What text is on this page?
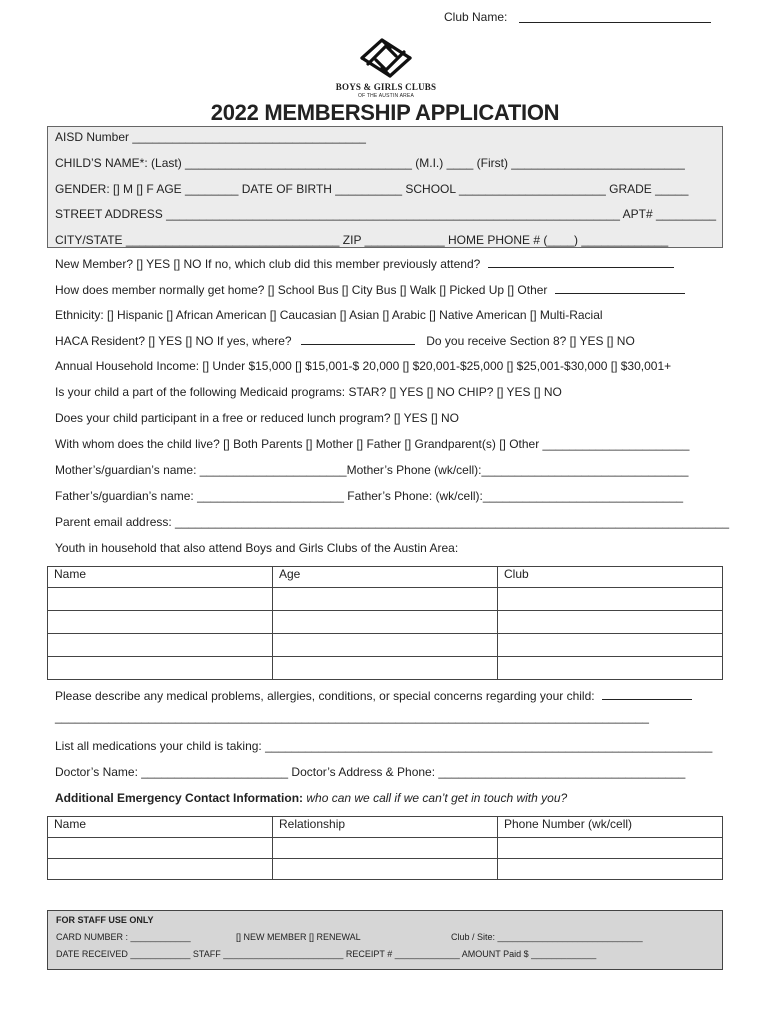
Club Name:
BOYS & GIRLS CLUBS
OF THE AUSTIN AREA
2022 MEMBERSHIP APPLICATION
AISD Number ___________________________________
CHILD’S NAME*: (Last) __________________________________ (M.I.) ____ (First) __________________________
GENDER: [] M [] F AGE ________ DATE OF BIRTH __________ SCHOOL ______________________ GRADE _____
STREET ADDRESS ____________________________________________________________________ APT# _________
CITY/STATE ________________________________ ZIP ____________ HOME PHONE # (____) _____________
New Member? [] YES [] NO If no, which club did this member previously attend?
How does member normally get home? [] School Bus [] City Bus [] Walk [] Picked Up [] Other
Ethnicity: [] Hispanic [] African American [] Caucasian [] Asian [] Arabic [] Native American [] Multi-Racial
HACA Resident? [] YES [] NO If yes, where?	Do you receive Section 8? [] YES [] NO
Annual Household Income: [] Under $15,000 [] $15,001-$ 20,000 [] $20,001-$25,000 [] $25,001-$30,000 [] $30,001+
Is your child a part of the following Medicaid programs: STAR? [] YES [] NO CHIP? [] YES [] NO
Does your child participant in a free or reduced lunch program? [] YES [] NO
With whom does the child live? [] Both Parents [] Mother [] Father [] Grandparent(s) [] Other ______________________
Mother’s/guardian’s name: ______________________Mother’s Phone (wk/cell):_______________________________
Father’s/guardian’s name: ______________________ Father’s Phone: (wk/cell):______________________________
Parent email address: ___________________________________________________________________________________
Youth in household that also attend Boys and Girls Clubs of the Austin Area:
Name	Age	Club

Please describe any medical problems, allergies, conditions, or special concerns regarding your child:
_________________________________________________________________________________________
List all medications your child is taking: ___________________________________________________________________
Doctor’s Name: ______________________ Doctor’s Address & Phone: _____________________________________
Additional Emergency Contact Information: who can we call if we can’t get in touch with you?
Name	Relationship	Phone Number (wk/cell)

FOR STAFF USE ONLY
CARD NUMBER : ____________	[] NEW MEMBER [] RENEWAL	Club / Site: _____________________________
DATE RECEIVED ____________ STAFF ________________________ RECEIPT # _____________ AMOUNT Paid $ _____________
